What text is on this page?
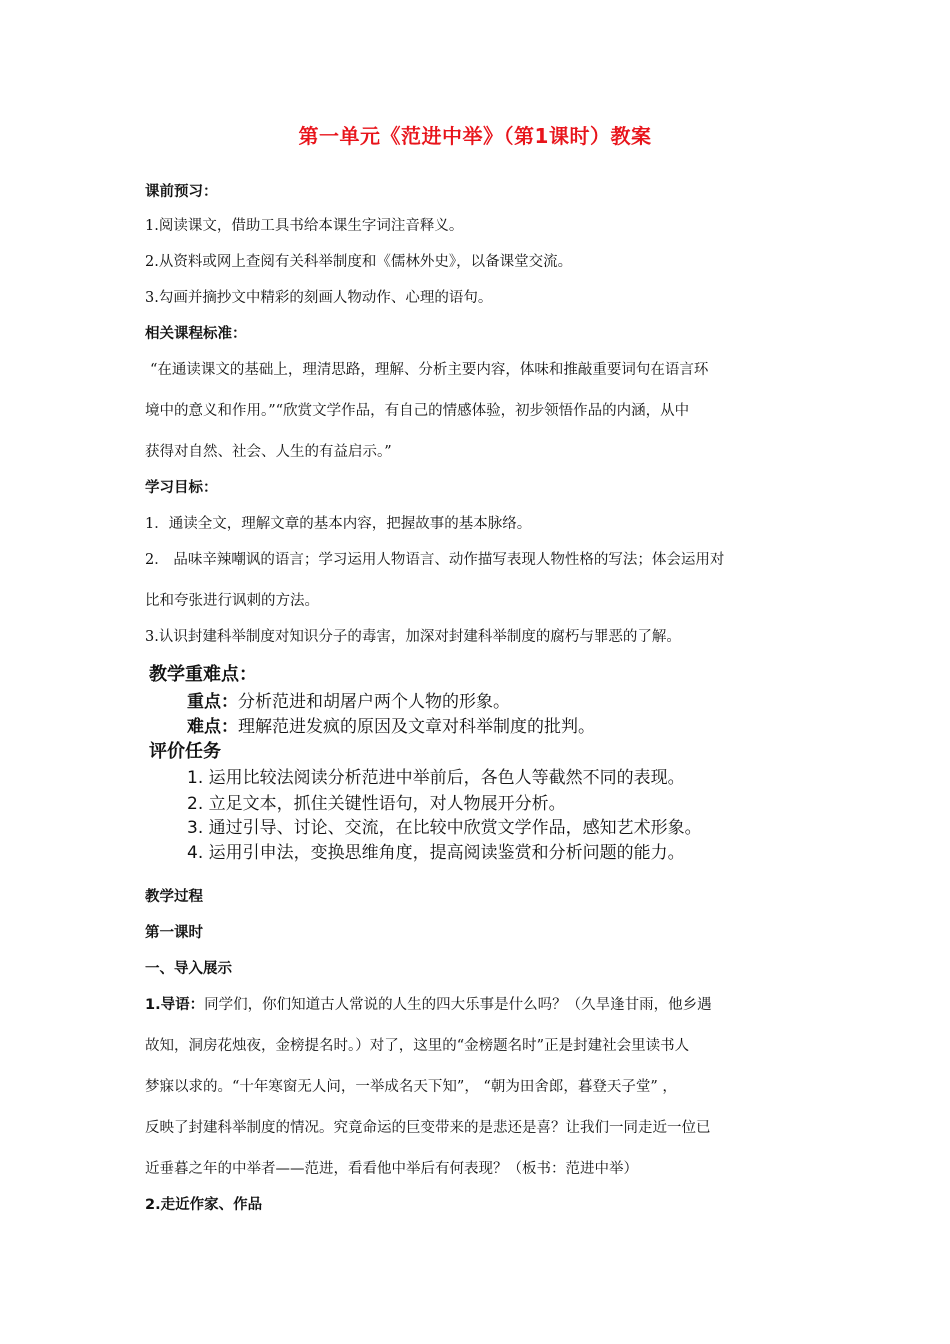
第一单元《范进中举》（第1课时）教案
课前预习：
1.阅读课文，借助工具书给本课生字词注音释义。
2.从资料或网上查阅有关科举制度和《儒林外史》，以备课堂交流。
3.勾画并摘抄文中精彩的刻画人物动作、心理的语句。
相关课程标准：
“在通读课文的基础上，理清思路，理解、分析主要内容，体味和推敲重要词句在语言环
境中的意义和作用。”“欣赏文学作品，有自己的情感体验，初步领悟作品的内涵，从中
获得对自然、社会、人生的有益启示。”
学习目标：
1．通读全文，理解文章的基本内容，把握故事的基本脉络。
2． 品味辛辣嘲讽的语言；学习运用人物语言、动作描写表现人物性格的写法；体会运用对
比和夸张进行讽刺的方法。
3.认识封建科举制度对知识分子的毒害，加深对封建科举制度的腐朽与罪恶的了解。
教学重难点：
重点：分析范进和胡屠户两个人物的形象。
难点：理解范进发疯的原因及文章对科举制度的批判。
评价任务
1. 运用比较法阅读分析范进中举前后，各色人等截然不同的表现。
2. 立足文本，抓住关键性语句，对人物展开分析。
3. 通过引导、讨论、交流，在比较中欣赏文学作品，感知艺术形象。
4. 运用引申法，变换思维角度，提高阅读鉴赏和分析问题的能力。
教学过程
第一课时
一、导入展示
1.导语：同学们，你们知道古人常说的人生的四大乐事是什么吗？（久旱逢甘雨，他乡遇
故知，洞房花烛夜，金榜提名时。）对了，这里的“金榜题名时”正是封建社会里读书人
梦寐以求的。“十年寒窗无人问，一举成名天下知”， “朝为田舍郎，暮登天子堂” ，
反映了封建科举制度的情况。究竟命运的巨变带来的是悲还是喜？让我们一同走近一位已
近垂暮之年的中举者——范进，看看他中举后有何表现？（板书：范进中举）
2.走近作家、作品
